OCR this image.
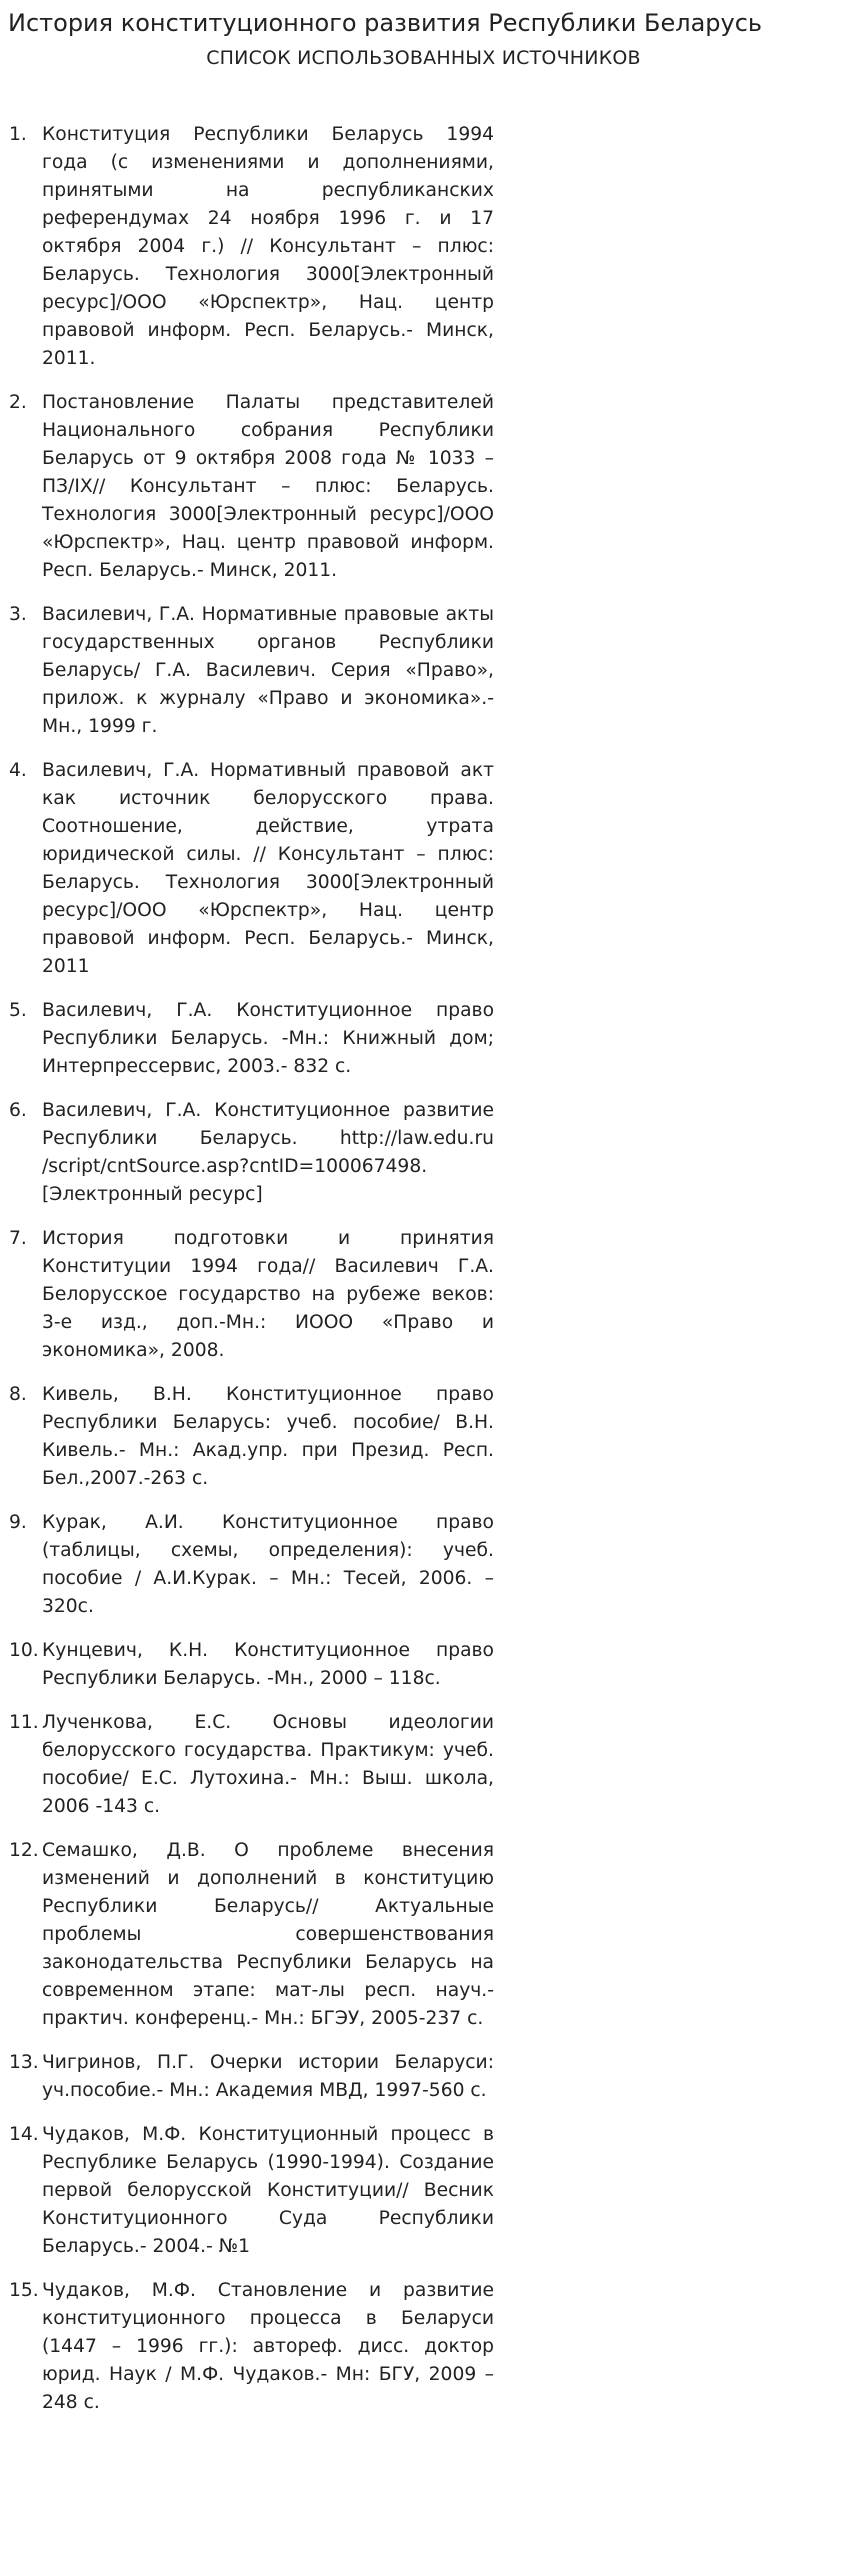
История конституционного развития Республики Беларусь
СПИСОК ИСПОЛЬЗОВАННЫХ ИСТОЧНИКОВ
1. Конституция Республики Беларусь 1994 года (с изменениями и дополнениями, принятыми на республиканских референдумах 24 ноября 1996 г. и 17 октября 2004 г.) // Консультант – плюс: Беларусь. Технология 3000[Электронный ресурс]/ООО «Юрспектр», Нац. центр правовой информ. Респ. Беларусь.- Минск, 2011.
2. Постановление Палаты представителей Национального собрания Республики Беларусь от 9 октября 2008 года № 1033 – ПЗ/IX// Консультант – плюс: Беларусь. Технология 3000[Электронный ресурс]/ООО «Юрспектр», Нац. центр правовой информ. Респ. Беларусь.- Минск, 2011.
3. Василевич, Г.А. Нормативные правовые акты государственных органов Республики Беларусь/ Г.А. Василевич. Серия «Право», прилож. к журналу «Право и экономика».- Мн., 1999 г.
4. Василевич, Г.А. Нормативный правовой акт как источник белорусского права. Соотношение, действие, утрата юридической силы. // Консультант – плюс: Беларусь. Технология 3000[Электронный ресурс]/ООО «Юрспектр», Нац. центр правовой информ. Респ. Беларусь.- Минск, 2011
5. Василевич, Г.А. Конституционное право Республики Беларусь. -Мн.: Книжный дом; Интерпрессервис, 2003.- 832 с.
6. Василевич, Г.А. Конституционное развитие Республики Беларусь. http://law.edu.ru /script/cntSource.asp?cntID=100067498. [Электронный ресурс]
7. История подготовки и принятия Конституции 1994 года// Василевич Г.А. Белорусское государство на рубеже веков: 3-е изд., доп.-Мн.: ИООО «Право и экономика», 2008.
8. Кивель, В.Н. Конституционное право Республики Беларусь: учеб. пособие/ В.Н. Кивель.- Мн.: Акад.упр. при Презид. Респ. Бел.,2007.-263 с.
9. Курак, А.И. Конституционное право (таблицы, схемы, определения): учеб. пособие / А.И.Курак. – Мн.: Тесей, 2006. – 320с.
10. Кунцевич, К.Н. Конституционное право Республики Беларусь. -Мн., 2000 – 118с.
11. Лученкова, Е.С. Основы идеологии белорусского государства. Практикум: учеб. пособие/ Е.С. Лутохина.- Мн.: Выш. школа, 2006 -143 с.
12. Семашко, Д.В. О проблеме внесения изменений и дополнений в конституцию Республики Беларусь// Актуальные проблемы совершенствования законодательства Республики Беларусь на современном этапе: мат-лы респ. науч.-практич. конференц.- Мн.: БГЭУ, 2005-237 с.
13. Чигринов, П.Г. Очерки истории Беларуси: уч.пособие.- Мн.: Академия МВД, 1997-560 с.
14. Чудаков, М.Ф. Конституционный процесс в Республике Беларусь (1990-1994). Создание первой белорусской Конституции// Весник Конституционного Суда Республики Беларусь.- 2004.- №1
15. Чудаков, М.Ф. Становление и развитие конституционного процесса в Беларуси (1447 – 1996 гг.): автореф. дисс. доктор юрид. Наук / М.Ф. Чудаков.- Мн: БГУ, 2009 – 248 с.
